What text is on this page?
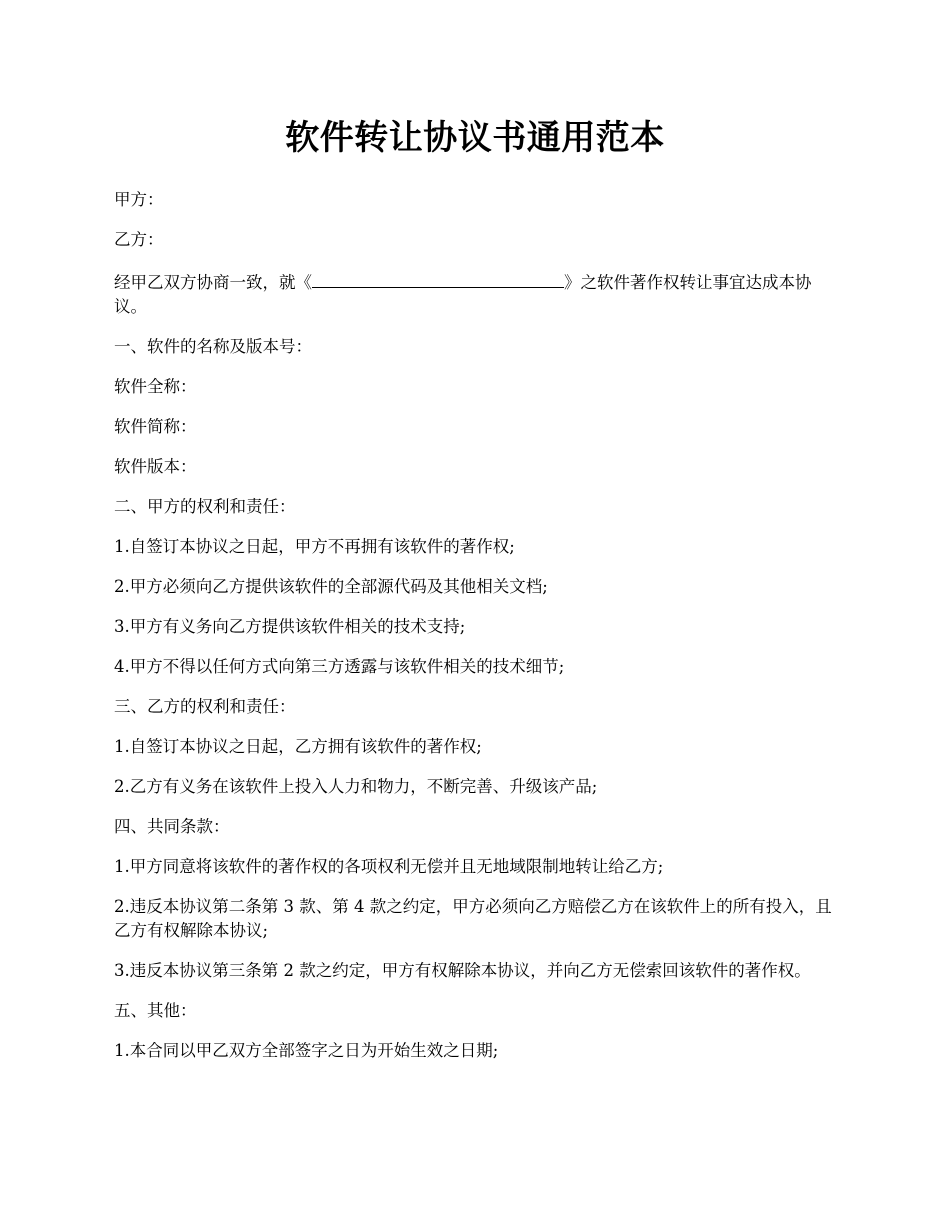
软件转让协议书通用范本

甲方：

乙方：

经甲乙双方协商一致，就《	》之软件著作权转让事宜达成本协议。

一、软件的名称及版本号：

软件全称：

软件简称：

软件版本：

二、甲方的权利和责任：

1.自签订本协议之日起，甲方不再拥有该软件的著作权;

2.甲方必须向乙方提供该软件的全部源代码及其他相关文档;

3.甲方有义务向乙方提供该软件相关的技术支持;

4.甲方不得以任何方式向第三方透露与该软件相关的技术细节;

三、乙方的权利和责任：

1.自签订本协议之日起，乙方拥有该软件的著作权;

2.乙方有义务在该软件上投入人力和物力，不断完善、升级该产品;

四、共同条款：

1.甲方同意将该软件的著作权的各项权利无偿并且无地域限制地转让给乙方;

2.违反本协议第二条第 3 款、第 4 款之约定，甲方必须向乙方赔偿乙方在该软件上的所有投入，且乙方有权解除本协议;

3.违反本协议第三条第 2 款之约定，甲方有权解除本协议，并向乙方无偿索回该软件的著作权。

五、其他：

1.本合同以甲乙双方全部签字之日为开始生效之日期;
